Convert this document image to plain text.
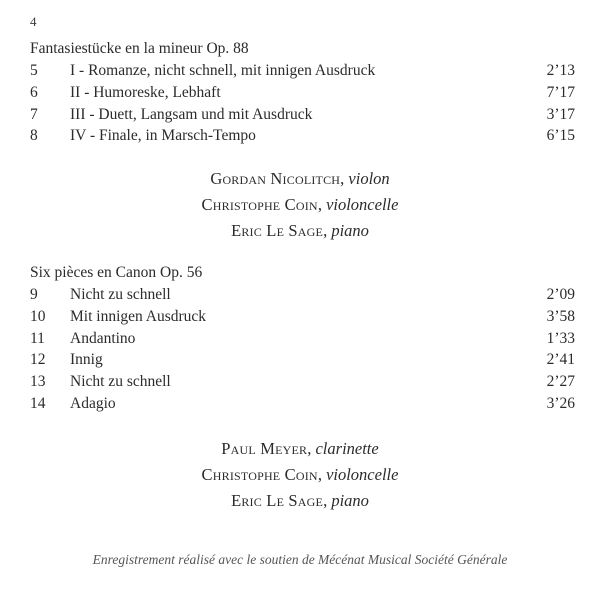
4
Fantasiestücke en la mineur Op. 88
5 I - Romanze, nicht schnell, mit innigen Ausdruck	2’13
6 II - Humoreske, Lebhaft	7’17
7 III - Duett, Langsam und mit Ausdruck	3’17
8 IV - Finale, in Marsch-Tempo	6’15
Gordan Nicolitch, violon
Christophe Coin, violoncelle
Eric Le Sage, piano
Six pièces en Canon Op. 56
9 Nicht zu schnell	2’09
10 Mit innigen Ausdruck	3’58
11 Andantino	1’33
12 Innig	2’41
13 Nicht zu schnell	2’27
14 Adagio	3’26
Paul Meyer, clarinette
Christophe Coin, violoncelle
Eric Le Sage, piano
Enregistrement réalisé avec le soutien de Mécénat Musical Société Générale
